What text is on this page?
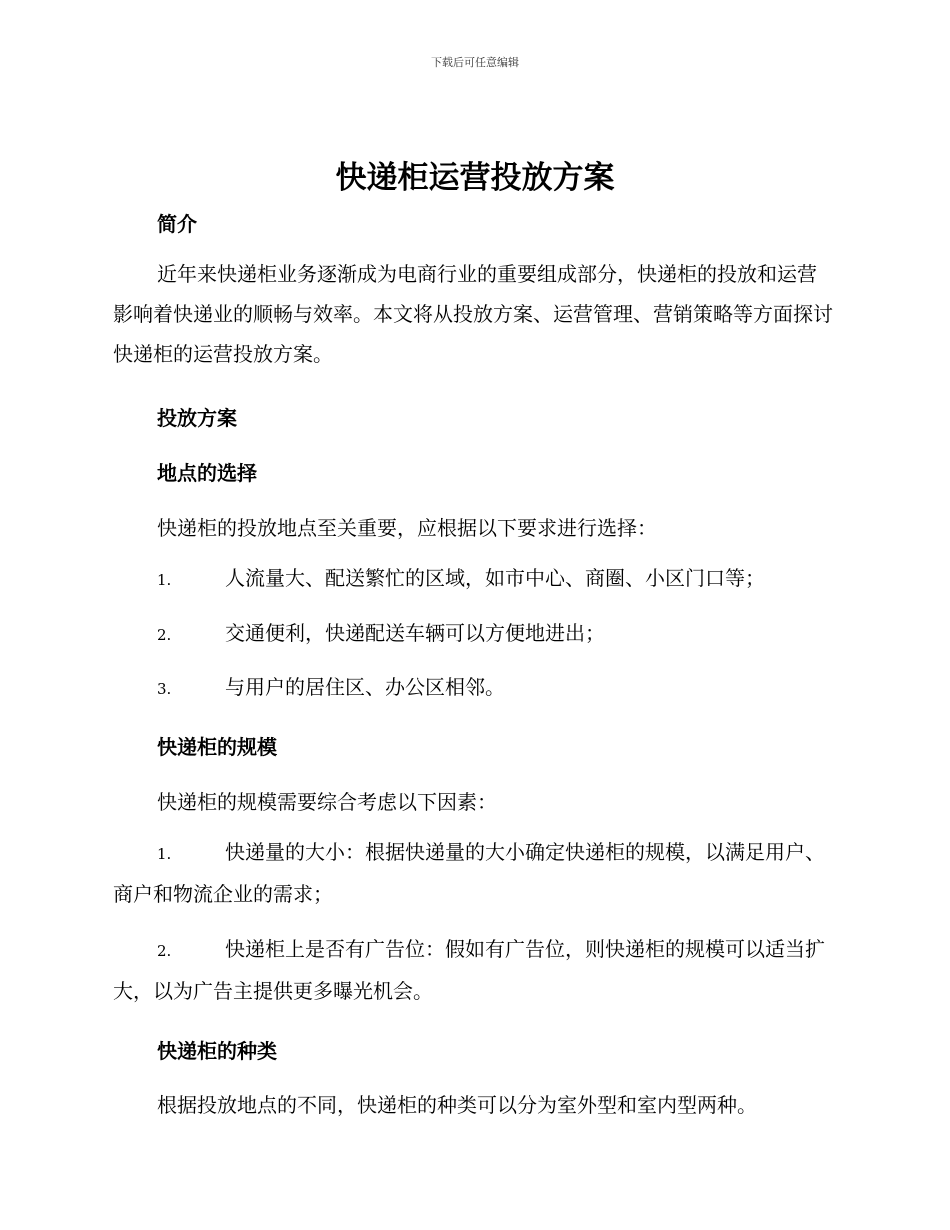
下载后可任意编辑
快递柜运营投放方案
简介

近年来快递柜业务逐渐成为电商行业的重要组成部分，快递柜的投放和运营影响着快递业的顺畅与效率。本文将从投放方案、运营管理、营销策略等方面探讨快递柜的运营投放方案。

投放方案
地点的选择

快递柜的投放地点至关重要，应根据以下要求进行选择：

1.	人流量大、配送繁忙的区域，如市中心、商圈、小区门口等；

2.	交通便利，快递配送车辆可以方便地进出；

3.	与用户的居住区、办公区相邻。

快递柜的规模

快递柜的规模需要综合考虑以下因素：

1.	快递量的大小：根据快递量的大小确定快递柜的规模，以满足用户、商户和物流企业的需求；

2.	快递柜上是否有广告位：假如有广告位，则快递柜的规模可以适当扩大，以为广告主提供更多曝光机会。

快递柜的种类

根据投放地点的不同，快递柜的种类可以分为室外型和室内型两种。
